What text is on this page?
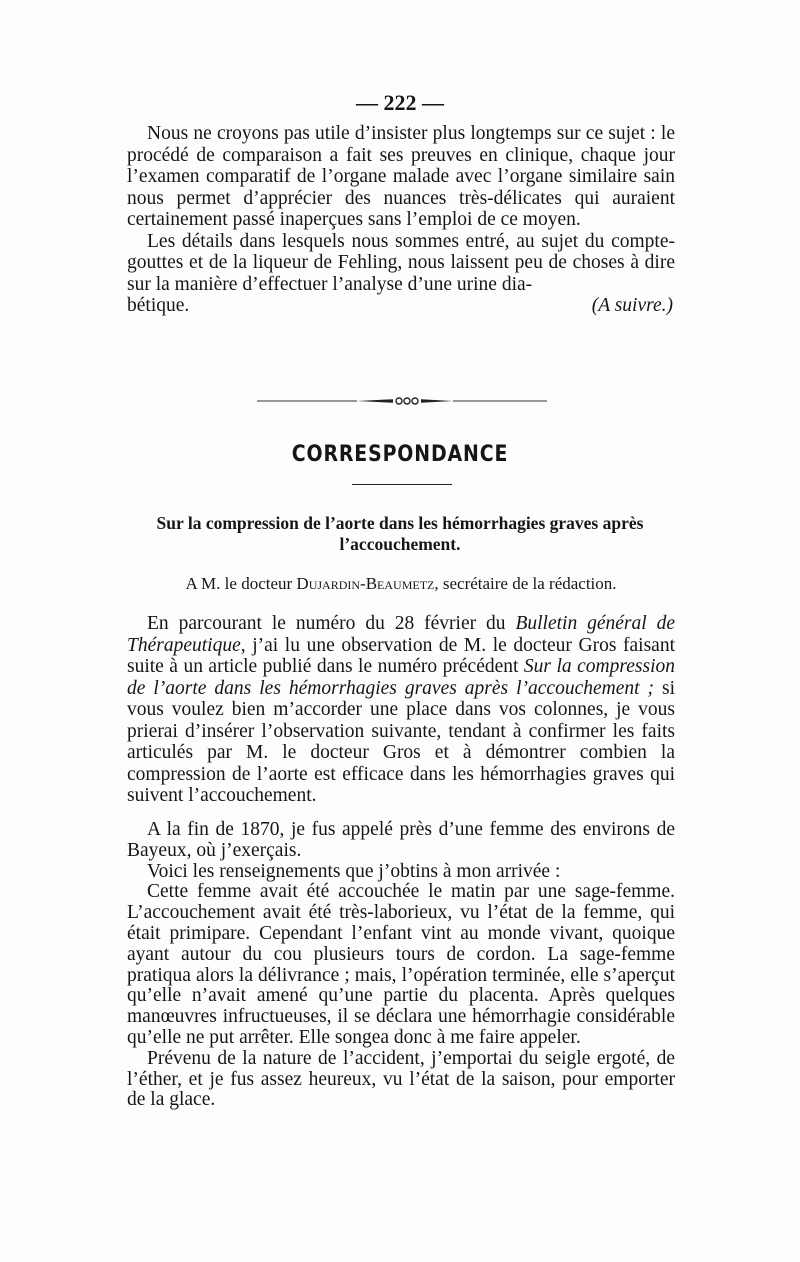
— 222 —

Nous ne croyons pas utile d’insister plus longtemps sur ce sujet : le procédé de comparaison a fait ses preuves en clinique, chaque jour l’examen comparatif de l’organe malade avec l’organe similaire sain nous permet d’apprécier des nuances très-délicates qui auraient certainement passé inaperçues sans l’emploi de ce moyen.

Les détails dans lesquels nous sommes entré, au sujet du compte-gouttes et de la liqueur de Fehling, nous laissent peu de choses à dire sur la manière d’effectuer l’analyse d’une urine dia-

bétique.	(A suivre.)

CORRESPONDANCE
Sur la compression de l’aorte dans les hémorrhagies graves après l’accouchement.
A M. le docteur Dujardin-Beaumetz, secrétaire de la rédaction.

En parcourant le numéro du 28 février du Bulletin général de Thérapeutique, j’ai lu une observation de M. le docteur Gros faisant suite à un article publié dans le numéro précédent Sur la compression de l’aorte dans les hémorrhagies graves après l’accouchement ; si vous voulez bien m’accorder une place dans vos colonnes, je vous prierai d’insérer l’observation suivante, tendant à confirmer les faits articulés par M. le docteur Gros et à démontrer combien la compression de l’aorte est efficace dans les hémorrhagies graves qui suivent l’accouchement.

A la fin de 1870, je fus appelé près d’une femme des environs de Bayeux, où j’exerçais.

Voici les renseignements que j’obtins à mon arrivée :

Cette femme avait été accouchée le matin par une sage-femme. L’accouchement avait été très-laborieux, vu l’état de la femme, qui était primipare. Cependant l’enfant vint au monde vivant, quoique ayant autour du cou plusieurs tours de cordon. La sage-femme pratiqua alors la délivrance ; mais, l’opération terminée, elle s’aperçut qu’elle n’avait amené qu’une partie du placenta. Après quelques manœuvres infructueuses, il se déclara une hémorrhagie considérable qu’elle ne put arrêter. Elle songea donc à me faire appeler.

Prévenu de la nature de l’accident, j’emportai du seigle ergoté, de l’éther, et je fus assez heureux, vu l’état de la saison, pour emporter de la glace.
